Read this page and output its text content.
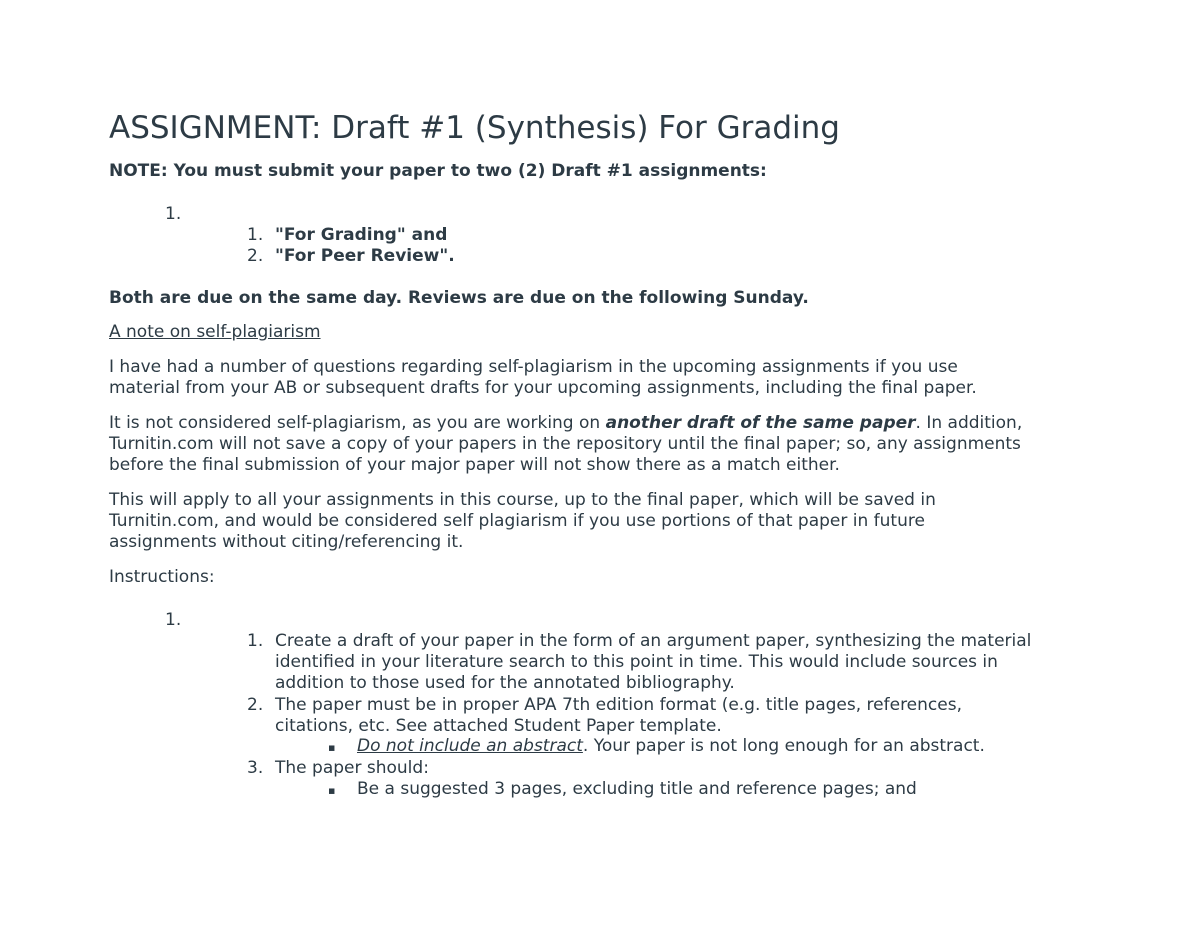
ASSIGNMENT: Draft #1 (Synthesis) For Grading
NOTE: You must submit your paper to two (2) Draft #1 assignments:
1.
1. "For Grading" and
2. "For Peer Review".
Both are due on the same day. Reviews are due on the following Sunday.
A note on self-plagiarism
I have had a number of questions regarding self-plagiarism in the upcoming assignments if you use
material from your AB or subsequent drafts for your upcoming assignments, including the final paper.
It is not considered self-plagiarism, as you are working on another draft of the same paper. In addition,
Turnitin.com will not save a copy of your papers in the repository until the final paper; so, any assignments
before the final submission of your major paper will not show there as a match either.
This will apply to all your assignments in this course, up to the final paper, which will be saved in
Turnitin.com, and would be considered self plagiarism if you use portions of that paper in future
assignments without citing/referencing it.
Instructions:
1.
1. Create a draft of your paper in the form of an argument paper, synthesizing the material
identified in your literature search to this point in time. This would include sources in
addition to those used for the annotated bibliography.
2. The paper must be in proper APA 7th edition format (e.g. title pages, references,
citations, etc. See attached Student Paper template.
▪ Do not include an abstract. Your paper is not long enough for an abstract.
3. The paper should:
▪ Be a suggested 3 pages, excluding title and reference pages; and
